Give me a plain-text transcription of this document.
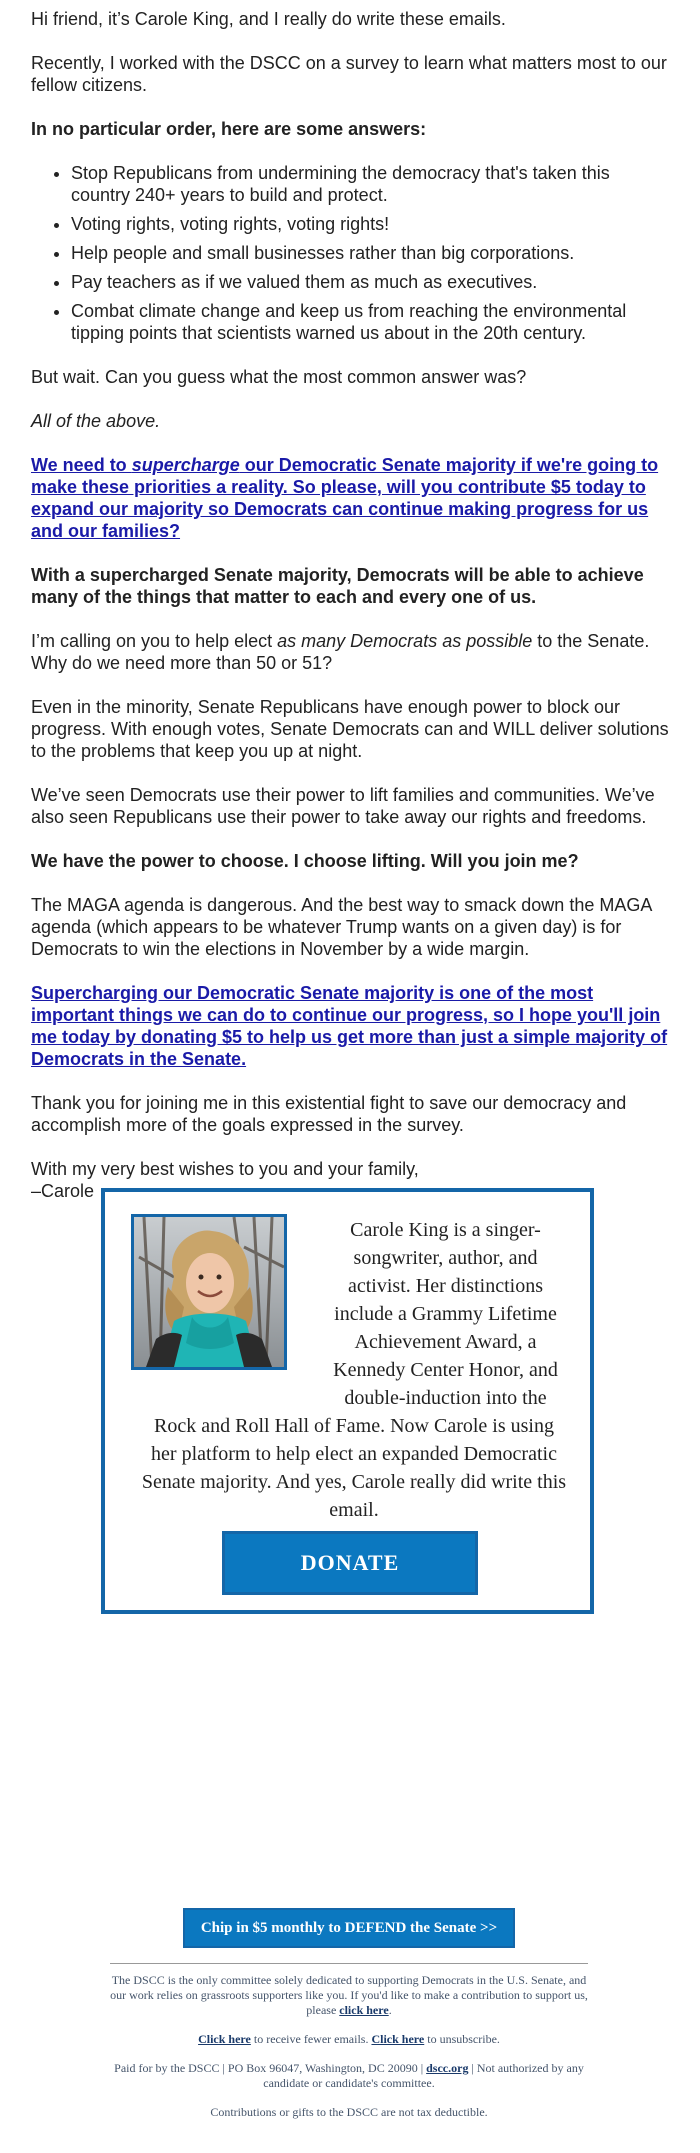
Hi friend, it’s Carole King, and I really do write these emails.

Recently, I worked with the DSCC on a survey to learn what matters most to our fellow citizens.

In no particular order, here are some answers:

• Stop Republicans from undermining the democracy that's taken this country 240+ years to build and protect.
• Voting rights, voting rights, voting rights!
• Help people and small businesses rather than big corporations.
• Pay teachers as if we valued them as much as executives.
• Combat climate change and keep us from reaching the environmental tipping points that scientists warned us about in the 20th century.

But wait. Can you guess what the most common answer was?

All of the above.

We need to supercharge our Democratic Senate majority if we're going to make these priorities a reality. So please, will you contribute $5 today to expand our majority so Democrats can continue making progress for us and our families?

With a supercharged Senate majority, Democrats will be able to achieve many of the things that matter to each and every one of us.

I’m calling on you to help elect as many Democrats as possible to the Senate.

Why do we need more than 50 or 51?

Even in the minority, Senate Republicans have enough power to block our progress. With enough votes, Senate Democrats can and WILL deliver solutions to the problems that keep you up at night.

We’ve seen Democrats use their power to lift families and communities. We’ve also seen Republicans use their power to take away our rights and freedoms.

We have the power to choose. I choose lifting. Will you join me?

The MAGA agenda is dangerous. And the best way to smack down the MAGA agenda (which appears to be whatever Trump wants on a given day) is for Democrats to win the elections in November by a wide margin.

Supercharging our Democratic Senate majority is one of the most important things we can do to continue our progress, so I hope you'll join me today by donating $5 to help us get more than just a simple majority of Democrats in the Senate.

Thank you for joining me in this existential fight to save our democracy and accomplish more of the goals expressed in the survey.

With my very best wishes to you and your family,

–Carole

Carole King is a singer-songwriter, author, and activist. Her distinctions include a Grammy Lifetime Achievement Award, a Kennedy Center Honor, and double-induction into the Rock and Roll Hall of Fame. Now Carole is using her platform to help elect an expanded Democratic Senate majority. And yes, Carole really did write this email.
DONATE
Chip in $5 monthly to DEFEND the Senate >>

The DSCC is the only committee solely dedicated to supporting Democrats in the U.S. Senate, and our work relies on grassroots supporters like you. If you'd like to make a contribution to support us, please click here.

Click here to receive fewer emails. Click here to unsubscribe.

Paid for by the DSCC | PO Box 96047, Washington, DC 20090 | dscc.org | Not authorized by any candidate or candidate's committee.

Contributions or gifts to the DSCC are not tax deductible.
